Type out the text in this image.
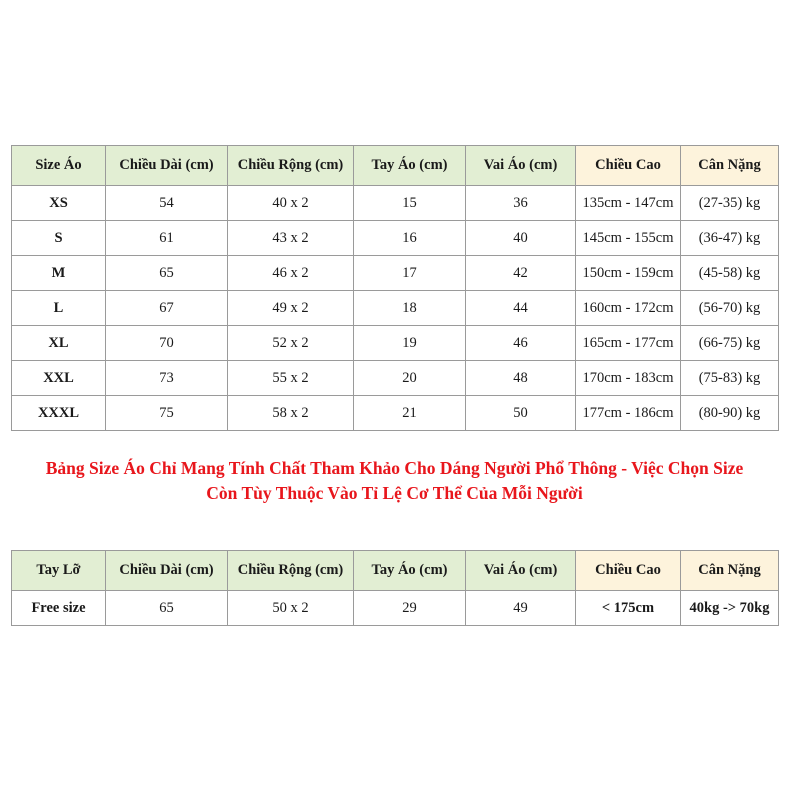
Size Áo	Chiều Dài (cm)	Chiều Rộng (cm)	Tay Áo (cm)	Vai Áo (cm)	Chiều Cao	Cân Nặng
XS	54	40 x 2	15	36	135cm - 147cm	(27-35) kg
S	61	43 x 2	16	40	145cm - 155cm	(36-47) kg
M	65	46 x 2	17	42	150cm - 159cm	(45-58) kg
L	67	49 x 2	18	44	160cm - 172cm	(56-70) kg
XL	70	52 x 2	19	46	165cm - 177cm	(66-75) kg
XXL	73	55 x 2	20	48	170cm - 183cm	(75-83) kg
XXXL	75	58 x 2	21	50	177cm - 186cm	(80-90) kg
Bảng Size Áo Chỉ Mang Tính Chất Tham Khảo Cho Dáng Người Phổ Thông - Việc Chọn Size
Còn Tùy Thuộc Vào Tỉ Lệ Cơ Thể Của Mỗi Người
Tay Lỡ	Chiều Dài (cm)	Chiều Rộng (cm)	Tay Áo (cm)	Vai Áo (cm)	Chiều Cao	Cân Nặng
Free size	65	50 x 2	29	49	< 175cm	40kg -> 70kg
